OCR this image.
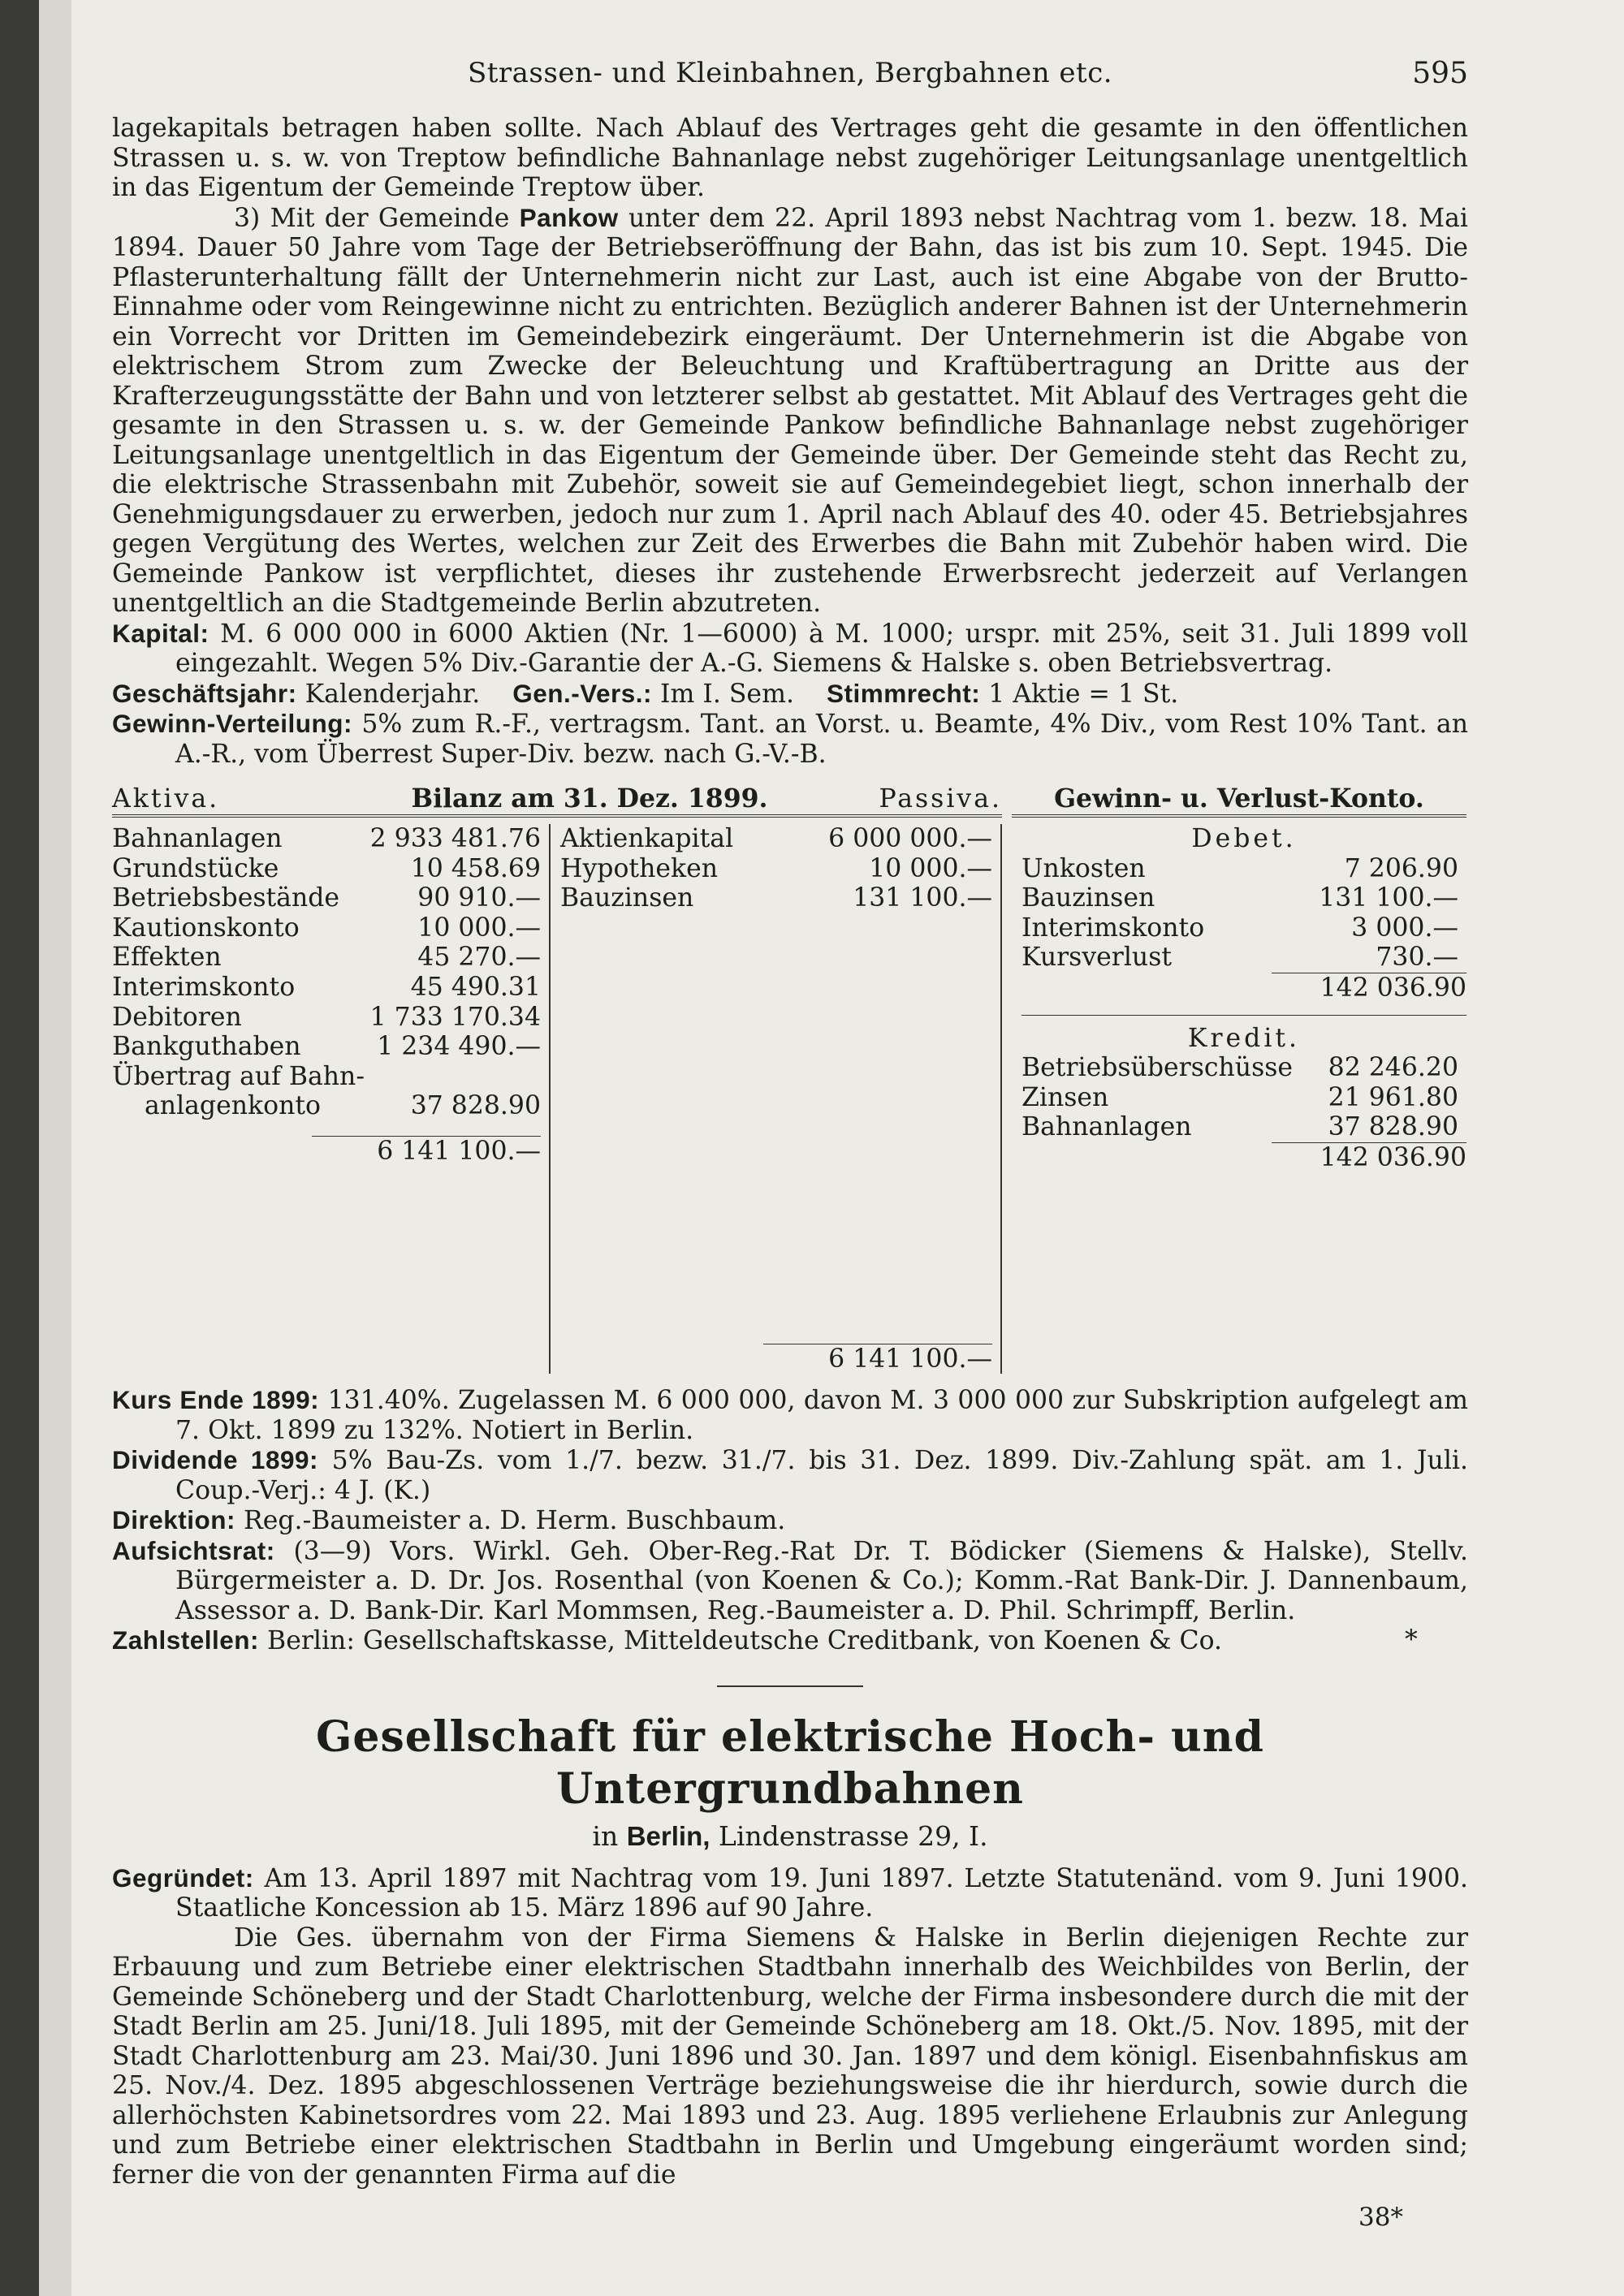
Strassen- und Kleinbahnen, Bergbahnen etc.	595

lagekapitals betragen haben sollte. Nach Ablauf des Vertrages geht die gesamte in den öffentlichen Strassen u. s. w. von Treptow befindliche Bahnanlage nebst zugehöriger Leitungsanlage unentgeltlich in das Eigentum der Gemeinde Treptow über.

3) Mit der Gemeinde Pankow unter dem 22. April 1893 nebst Nachtrag vom 1. bezw. 18. Mai 1894. Dauer 50 Jahre vom Tage der Betriebseröffnung der Bahn, das ist bis zum 10. Sept. 1945. Die Pflasterunterhaltung fällt der Unternehmerin nicht zur Last, auch ist eine Abgabe von der Brutto-Einnahme oder vom Reingewinne nicht zu entrichten. Bezüglich anderer Bahnen ist der Unternehmerin ein Vorrecht vor Dritten im Gemeindebezirk eingeräumt. Der Unternehmerin ist die Abgabe von elektrischem Strom zum Zwecke der Beleuchtung und Kraftübertragung an Dritte aus der Krafterzeugungsstätte der Bahn und von letzterer selbst ab gestattet. Mit Ablauf des Vertrages geht die gesamte in den Strassen u. s. w. der Gemeinde Pankow befindliche Bahnanlage nebst zugehöriger Leitungsanlage unentgeltlich in das Eigentum der Gemeinde über. Der Gemeinde steht das Recht zu, die elektrische Strassenbahn mit Zubehör, soweit sie auf Gemeindegebiet liegt, schon innerhalb der Genehmigungsdauer zu erwerben, jedoch nur zum 1. April nach Ablauf des 40. oder 45. Betriebsjahres gegen Vergütung des Wertes, welchen zur Zeit des Erwerbes die Bahn mit Zubehör haben wird. Die Gemeinde Pankow ist verpflichtet, dieses ihr zustehende Erwerbsrecht jederzeit auf Verlangen unentgeltlich an die Stadtgemeinde Berlin abzutreten.

Kapital: M. 6 000 000 in 6000 Aktien (Nr. 1—6000) à M. 1000; urspr. mit 25%, seit 31. Juli 1899 voll eingezahlt. Wegen 5% Div.-Garantie der A.-G. Siemens & Halske s. oben Betriebsvertrag.

Geschäftsjahr: Kalenderjahr. Gen.-Vers.: Im I. Sem. Stimmrecht: 1 Aktie = 1 St.

Gewinn-Verteilung: 5% zum R.-F., vertragsm. Tant. an Vorst. u. Beamte, 4% Div., vom Rest 10% Tant. an A.-R., vom Überrest Super-Div. bezw. nach G.-V.-B.

Aktiva.	Bilanz am 31. Dez. 1899.	Passiva.
Bahnanlagen	2 933 481.76
Grundstücke	10 458.69
Betriebsbestände	90 910.—
Kautionskonto	10 000.—
Effekten	45 270.—
Interimskonto	45 490.31
Debitoren	1 733 170.34
Bankguthaben	1 234 490.—
Übertrag auf Bahn-
anlagenkonto	37 828.90
6 141 100.—
Aktienkapital	6 000 000.—
Hypotheken	10 000.—
Bauzinsen	131 100.—
6 141 100.—
Gewinn- u. Verlust-Konto.
Debet.
Unkosten	7 206.90
Bauzinsen	131 100.—
Interimskonto	3 000.—
Kursverlust	730.—
142 036.90
Kredit.
Betriebsüberschüsse 82 246.20
Zinsen	21 961.80
Bahnanlagen	37 828.90
142 036.90

Kurs Ende 1899: 131.40%. Zugelassen M. 6 000 000, davon M. 3 000 000 zur Subskription aufgelegt am 7. Okt. 1899 zu 132%. Notiert in Berlin.

Dividende 1899: 5% Bau-Zs. vom 1./7. bezw. 31./7. bis 31. Dez. 1899. Div.-Zahlung spät. am 1. Juli. Coup.-Verj.: 4 J. (K.)

Direktion: Reg.-Baumeister a. D. Herm. Buschbaum.

Aufsichtsrat: (3—9) Vors. Wirkl. Geh. Ober-Reg.-Rat Dr. T. Bödicker (Siemens & Halske), Stellv. Bürgermeister a. D. Dr. Jos. Rosenthal (von Koenen & Co.); Komm.-Rat Bank-Dir. J. Dannenbaum, Assessor a. D. Bank-Dir. Karl Mommsen, Reg.-Baumeister a. D. Phil. Schrimpff, Berlin.

Zahlstellen: Berlin: Gesellschaftskasse, Mitteldeutsche Creditbank, von Koenen & Co.	*

Gesellschaft für elektrische Hoch- und Untergrundbahnen
in Berlin, Lindenstrasse 29, I.

Gegründet: Am 13. April 1897 mit Nachtrag vom 19. Juni 1897. Letzte Statutenänd. vom 9. Juni 1900. Staatliche Koncession ab 15. März 1896 auf 90 Jahre.

Die Ges. übernahm von der Firma Siemens & Halske in Berlin diejenigen Rechte zur Erbauung und zum Betriebe einer elektrischen Stadtbahn innerhalb des Weichbildes von Berlin, der Gemeinde Schöneberg und der Stadt Charlottenburg, welche der Firma insbesondere durch die mit der Stadt Berlin am 25. Juni/18. Juli 1895, mit der Gemeinde Schöneberg am 18. Okt./5. Nov. 1895, mit der Stadt Charlottenburg am 23. Mai/30. Juni 1896 und 30. Jan. 1897 und dem königl. Eisenbahnfiskus am 25. Nov./4. Dez. 1895 abgeschlossenen Verträge beziehungsweise die ihr hierdurch, sowie durch die allerhöchsten Kabinetsordres vom 22. Mai 1893 und 23. Aug. 1895 verliehene Erlaubnis zur Anlegung und zum Betriebe einer elektrischen Stadtbahn in Berlin und Umgebung eingeräumt worden sind; ferner die von der genannten Firma auf die

38*
